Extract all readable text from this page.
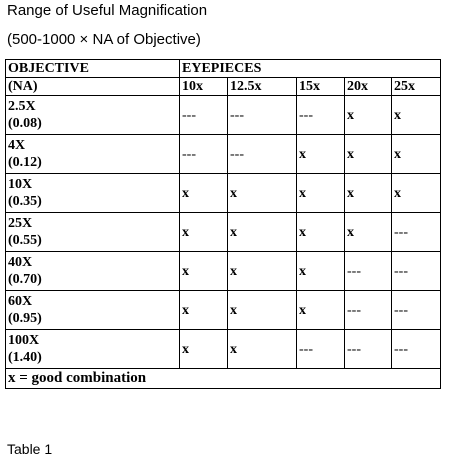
Range of Useful Magnification
(500-1000 × NA of Objective)
OBJECTIVE	EYEPIECES				
(NA)	10x	12.5x	15x	20x	25x

2.5X
(0.08)	---	---	---	x	x

4X
(0.12)	---	---	x	x	x

10X
(0.35)	x	x	x	x	x

25X
(0.55)	x	x	x	x	---

40X
(0.70)	x	x	x	---	---

60X
(0.95)	x	x	x	---	---

100X
(1.40)	x	x	---	---	---
x = good combination					
Table 1
